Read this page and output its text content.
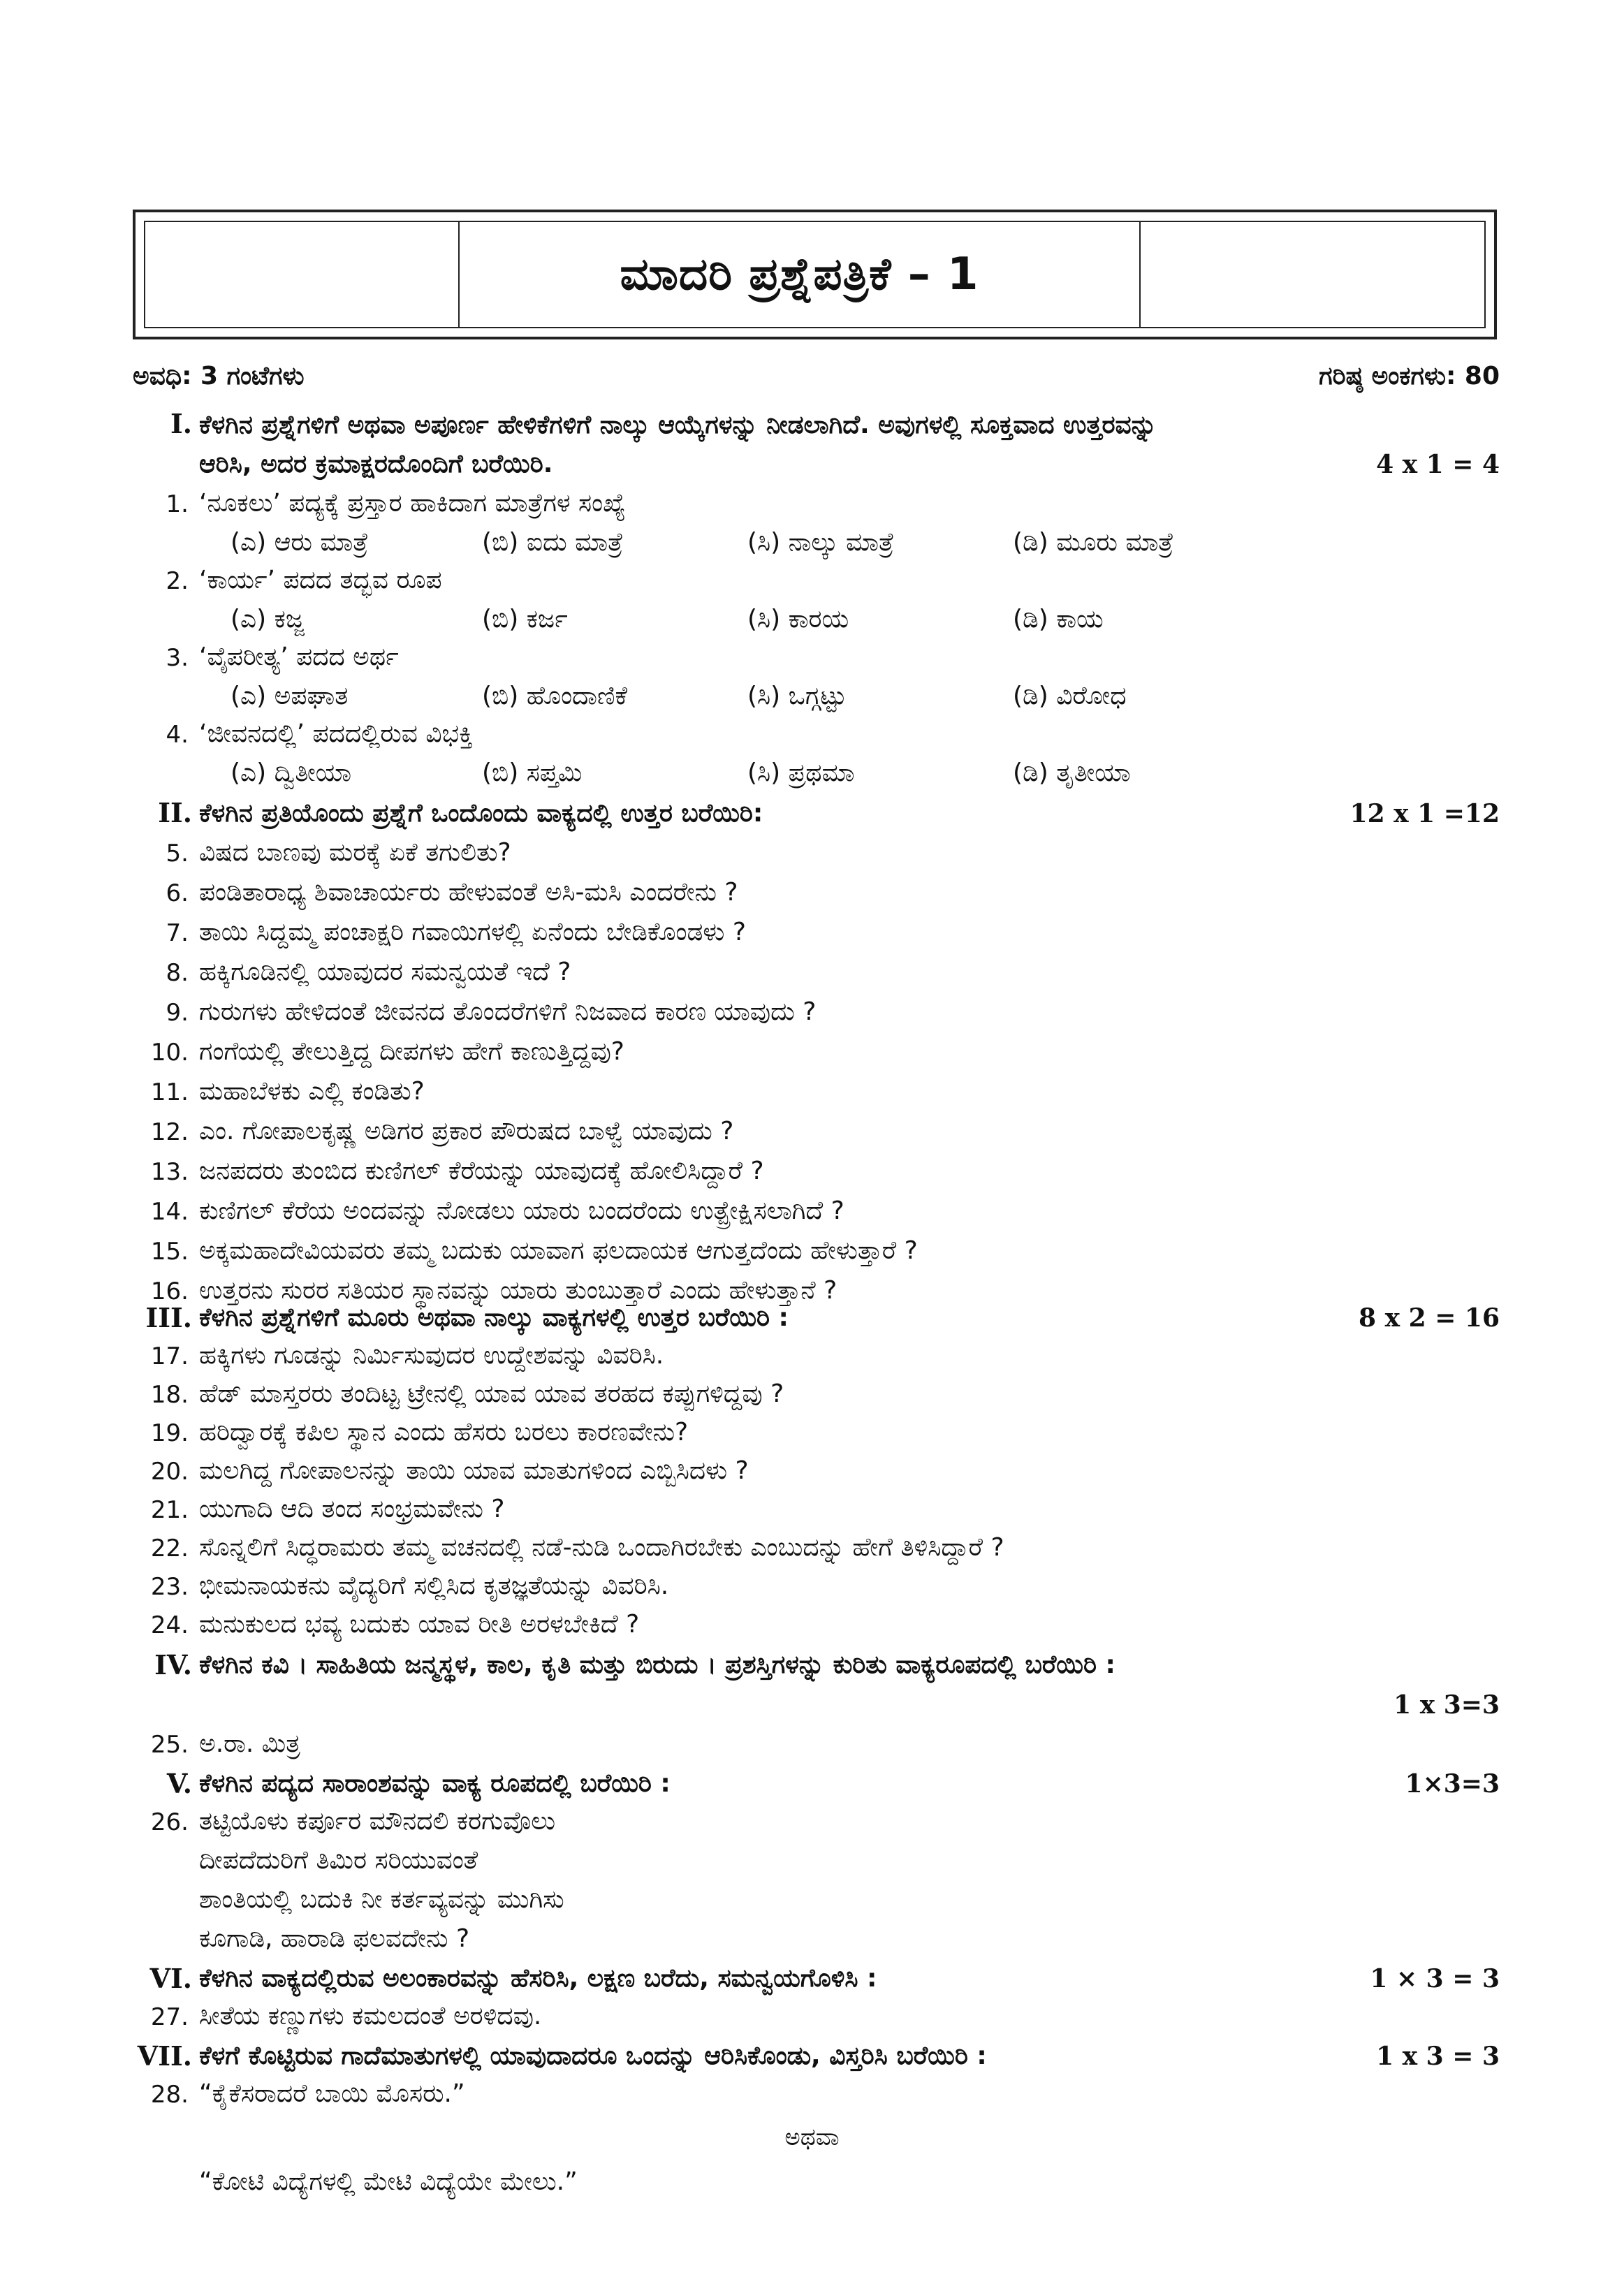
ಮಾದರಿ ಪ್ರಶ್ನೆಪತ್ರಿಕೆ – 1
ಅವಧಿ: 3 ಗಂಟೆಗಳು	ಗರಿಷ್ಠ ಅಂಕಗಳು: 80
I. ಕೆಳಗಿನ ಪ್ರಶ್ನೆಗಳಿಗೆ ಅಥವಾ ಅಪೂರ್ಣ ಹೇಳಿಕೆಗಳಿಗೆ ನಾಲ್ಕು ಆಯ್ಕೆಗಳನ್ನು ನೀಡಲಾಗಿದೆ. ಅವುಗಳಲ್ಲಿ ಸೂಕ್ತವಾದ ಉತ್ತರವನ್ನು
ಆರಿಸಿ, ಅದರ ಕ್ರಮಾಕ್ಷರದೊಂದಿಗೆ ಬರೆಯಿರಿ.	4 x 1 = 4
1. ‘ನೂಕಲು’ ಪದ್ಯಕ್ಕೆ ಪ್ರಸ್ತಾರ ಹಾಕಿದಾಗ ಮಾತ್ರೆಗಳ ಸಂಖ್ಯೆ
(ಎ) ಆರು ಮಾತ್ರೆ	(ಬಿ) ಐದು ಮಾತ್ರೆ	(ಸಿ) ನಾಲ್ಕು ಮಾತ್ರೆ	(ಡಿ) ಮೂರು ಮಾತ್ರೆ
2. ‘ಕಾರ್ಯ’ ಪದದ ತದ್ಭವ ರೂಪ
(ಎ) ಕಜ್ಜ	(ಬಿ) ಕರ್ಜ	(ಸಿ) ಕಾರಯ	(ಡಿ) ಕಾಯ
3. ‘ವೈಪರೀತ್ಯ’ ಪದದ ಅರ್ಥ
(ಎ) ಅಪಘಾತ	(ಬಿ) ಹೊಂದಾಣಿಕೆ	(ಸಿ) ಒಗ್ಗಟ್ಟು	(ಡಿ) ವಿರೋಧ
4. ‘ಜೀವನದಲ್ಲಿ’ ಪದದಲ್ಲಿರುವ ವಿಭಕ್ತಿ
(ಎ) ದ್ವಿತೀಯಾ	(ಬಿ) ಸಪ್ತಮಿ	(ಸಿ) ಪ್ರಥಮಾ	(ಡಿ) ತೃತೀಯಾ
II. ಕೆಳಗಿನ ಪ್ರತಿಯೊಂದು ಪ್ರಶ್ನೆಗೆ ಒಂದೊಂದು ವಾಕ್ಯದಲ್ಲಿ ಉತ್ತರ ಬರೆಯಿರಿ:	12 x 1 =12
5. ವಿಷದ ಬಾಣವು ಮರಕ್ಕೆ ಏಕೆ ತಗುಲಿತು?
6. ಪಂಡಿತಾರಾಧ್ಯ ಶಿವಾಚಾರ್ಯರು ಹೇಳುವಂತೆ ಅಸಿ-ಮಸಿ ಎಂದರೇನು ?
7. ತಾಯಿ ಸಿದ್ದಮ್ಮ ಪಂಚಾಕ್ಷರಿ ಗವಾಯಿಗಳಲ್ಲಿ ಏನೆಂದು ಬೇಡಿಕೊಂಡಳು ?
8. ಹಕ್ಕಿಗೂಡಿನಲ್ಲಿ ಯಾವುದರ ಸಮನ್ವಯತೆ ಇದೆ ?
9. ಗುರುಗಳು ಹೇಳಿದಂತೆ ಜೀವನದ ತೊಂದರೆಗಳಿಗೆ ನಿಜವಾದ ಕಾರಣ ಯಾವುದು ?
10. ಗಂಗೆಯಲ್ಲಿ ತೇಲುತ್ತಿದ್ದ ದೀಪಗಳು ಹೇಗೆ ಕಾಣುತ್ತಿದ್ದವು?
11. ಮಹಾಬೆಳಕು ಎಲ್ಲಿ ಕಂಡಿತು?
12. ಎಂ. ಗೋಪಾಲಕೃಷ್ಣ ಅಡಿಗರ ಪ್ರಕಾರ ಪೌರುಷದ ಬಾಳ್ವೆ ಯಾವುದು ?
13. ಜನಪದರು ತುಂಬಿದ ಕುಣಿಗಲ್ ಕೆರೆಯನ್ನು ಯಾವುದಕ್ಕೆ ಹೋಲಿಸಿದ್ದಾರೆ ?
14. ಕುಣಿಗಲ್ ಕೆರೆಯ ಅಂದವನ್ನು ನೋಡಲು ಯಾರು ಬಂದರೆಂದು ಉತ್ಪ್ರೇಕ್ಷಿಸಲಾಗಿದೆ ?
15. ಅಕ್ಕಮಹಾದೇವಿಯವರು ತಮ್ಮ ಬದುಕು ಯಾವಾಗ ಫಲದಾಯಕ ಆಗುತ್ತದೆಂದು ಹೇಳುತ್ತಾರೆ ?
16. ಉತ್ತರನು ಸುರರ ಸತಿಯರ ಸ್ಥಾನವನ್ನು ಯಾರು ತುಂಬುತ್ತಾರೆ ಎಂದು ಹೇಳುತ್ತಾನೆ ?
III. ಕೆಳಗಿನ ಪ್ರಶ್ನೆಗಳಿಗೆ ಮೂರು ಅಥವಾ ನಾಲ್ಕು ವಾಕ್ಯಗಳಲ್ಲಿ ಉತ್ತರ ಬರೆಯಿರಿ :	8 x 2 = 16
17. ಹಕ್ಕಿಗಳು ಗೂಡನ್ನು ನಿರ್ಮಿಸುವುದರ ಉದ್ದೇಶವನ್ನು ವಿವರಿಸಿ.
18. ಹೆಡ್ ಮಾಸ್ತರರು ತಂದಿಟ್ಟ ಟ್ರೇನಲ್ಲಿ ಯಾವ ಯಾವ ತರಹದ ಕಪ್ಪುಗಳಿದ್ದವು ?
19. ಹರಿದ್ವಾರಕ್ಕೆ ಕಪಿಲ ಸ್ಥಾನ ಎಂದು ಹೆಸರು ಬರಲು ಕಾರಣವೇನು?
20. ಮಲಗಿದ್ದ ಗೋಪಾಲನನ್ನು ತಾಯಿ ಯಾವ ಮಾತುಗಳಿಂದ ಎಬ್ಬಿಸಿದಳು ?
21. ಯುಗಾದಿ ಆದಿ ತಂದ ಸಂಭ್ರಮವೇನು ?
22. ಸೊನ್ನಲಿಗೆ ಸಿದ್ಧರಾಮರು ತಮ್ಮ ವಚನದಲ್ಲಿ ನಡೆ-ನುಡಿ ಒಂದಾಗಿರಬೇಕು ಎಂಬುದನ್ನು ಹೇಗೆ ತಿಳಿಸಿದ್ದಾರೆ ?
23. ಭೀಮನಾಯಕನು ವೈದ್ಯರಿಗೆ ಸಲ್ಲಿಸಿದ ಕೃತಜ್ಞತೆಯನ್ನು ವಿವರಿಸಿ.
24. ಮನುಕುಲದ ಭವ್ಯ ಬದುಕು ಯಾವ ರೀತಿ ಅರಳಬೇಕಿದೆ ?
IV. ಕೆಳಗಿನ ಕವಿ । ಸಾಹಿತಿಯ ಜನ್ಮಸ್ಥಳ, ಕಾಲ, ಕೃತಿ ಮತ್ತು ಬಿರುದು । ಪ್ರಶಸ್ತಿಗಳನ್ನು ಕುರಿತು ವಾಕ್ಯರೂಪದಲ್ಲಿ ಬರೆಯಿರಿ :
1 x 3=3
25. ಅ.ರಾ. ಮಿತ್ರ
V. ಕೆಳಗಿನ ಪದ್ಯದ ಸಾರಾಂಶವನ್ನು ವಾಕ್ಯ ರೂಪದಲ್ಲಿ ಬರೆಯಿರಿ :	1×3=3
26. ತಟ್ಟಿಯೊಳು ಕರ್ಪೂರ ಮೌನದಲಿ ಕರಗುವೊಲು
ದೀಪದೆದುರಿಗೆ ತಿಮಿರ ಸರಿಯುವಂತೆ
ಶಾಂತಿಯಲ್ಲಿ ಬದುಕಿ ನೀ ಕರ್ತವ್ಯವನ್ನು ಮುಗಿಸು
ಕೂಗಾಡಿ, ಹಾರಾಡಿ ಫಲವದೇನು ?
VI. ಕೆಳಗಿನ ವಾಕ್ಯದಲ್ಲಿರುವ ಅಲಂಕಾರವನ್ನು ಹೆಸರಿಸಿ, ಲಕ್ಷಣ ಬರೆದು, ಸಮನ್ವಯಗೊಳಿಸಿ :	1 × 3 = 3
27. ಸೀತೆಯ ಕಣ್ಣುಗಳು ಕಮಲದಂತೆ ಅರಳಿದವು.
VII. ಕೆಳಗೆ ಕೊಟ್ಟಿರುವ ಗಾದೆಮಾತುಗಳಲ್ಲಿ ಯಾವುದಾದರೂ ಒಂದನ್ನು ಆರಿಸಿಕೊಂಡು, ವಿಸ್ತರಿಸಿ ಬರೆಯಿರಿ :	1 x 3 = 3
28. “ಕೈಕೆಸರಾದರೆ ಬಾಯಿ ಮೊಸರು.”
ಅಥವಾ
“ಕೋಟಿ ವಿದ್ಯೆಗಳಲ್ಲಿ ಮೇಟಿ ವಿದ್ಯೆಯೇ ಮೇಲು.”
